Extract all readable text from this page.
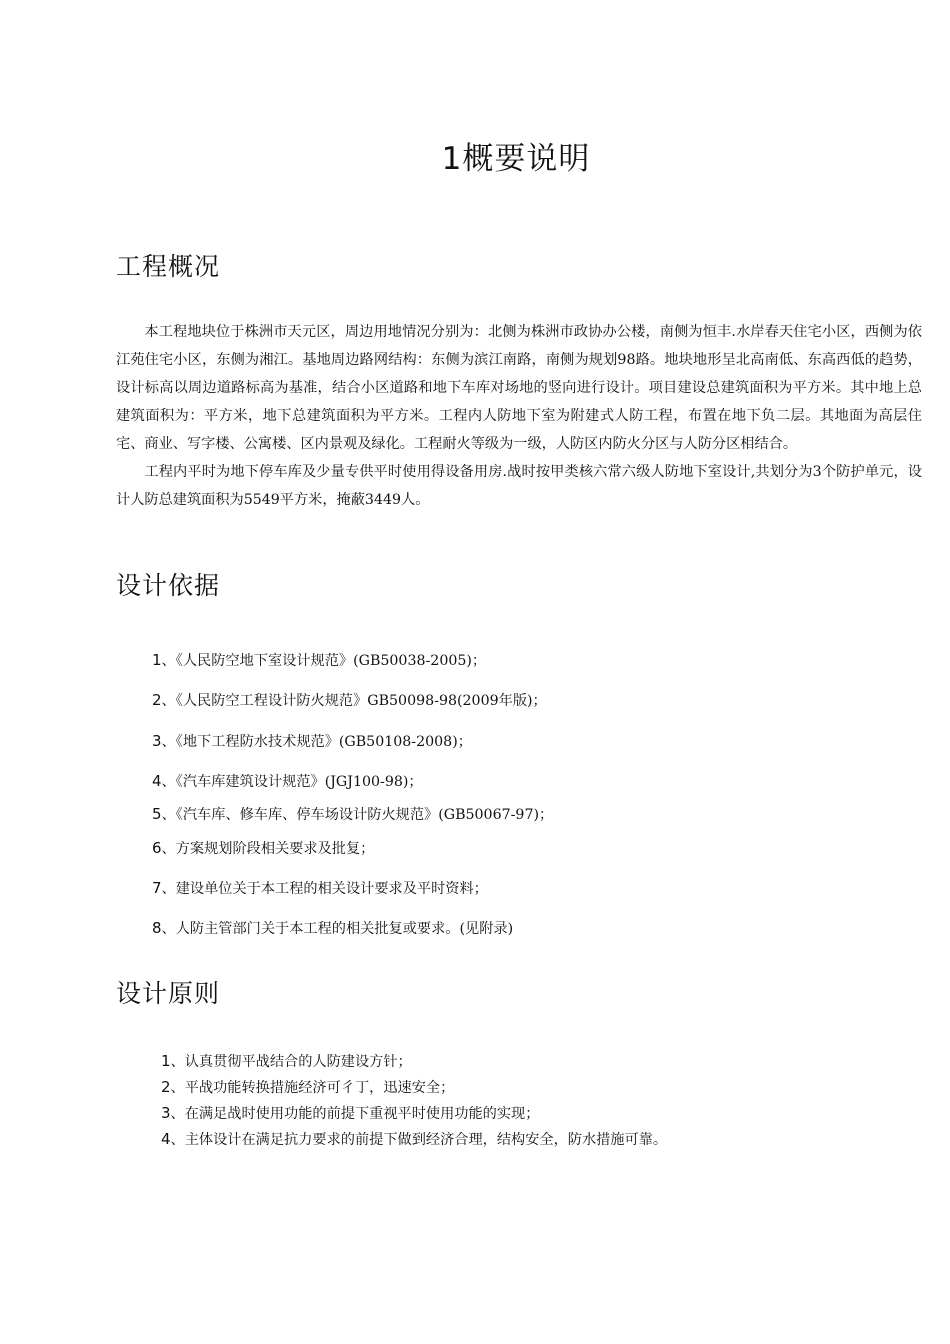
1概要说明
工程概况

本工程地块位于株洲市天元区，周边用地情况分别为：北侧为株洲市政协办公楼，南侧为恒丰.水岸春天住宅小区，西侧为依江苑住宅小区，东侧为湘江。基地周边路网结构：东侧为滨江南路，南侧为规划98路。地块地形呈北高南低、东高西低的趋势，设计标高以周边道路标高为基准，结合小区道路和地下车库对场地的竖向进行设计。项目建设总建筑面积为平方米。其中地上总建筑面积为：平方米，地下总建筑面积为平方米。工程内人防地下室为附建式人防工程，布置在地下负二层。其地面为高层住宅、商业、写字楼、公寓楼、区内景观及绿化。工程耐火等级为一级，人防区内防火分区与人防分区相结合。

工程内平时为地下停车库及少量专供平时使用得设备用房.战时按甲类核六常六级人防地下室设计,共划分为3个防护单元，设计人防总建筑面积为5549平方米，掩蔽3449人。

设计依据
1、《人民防空地下室设计规范》(GB50038-2005)；
2、《人民防空工程设计防火规范》GB50098-98(2009年版)；
3、《地下工程防水技术规范》(GB50108-2008)；
4、《汽车库建筑设计规范》(JGJ100-98)；
5、《汽车库、修车库、停车场设计防火规范》(GB50067-97)；
6、方案规划阶段相关要求及批复；
7、建设单位关于本工程的相关设计要求及平时资料；
8、人防主管部门关于本工程的相关批复或要求。(见附录)
设计原则
1、认真贯彻平战结合的人防建设方针；
2、平战功能转换措施经济可彳丁，迅速安全；
3、在满足战时使用功能的前提下重视平时使用功能的实现；
4、主体设计在满足抗力要求的前提下做到经济合理，结构安全，防水措施可靠。
